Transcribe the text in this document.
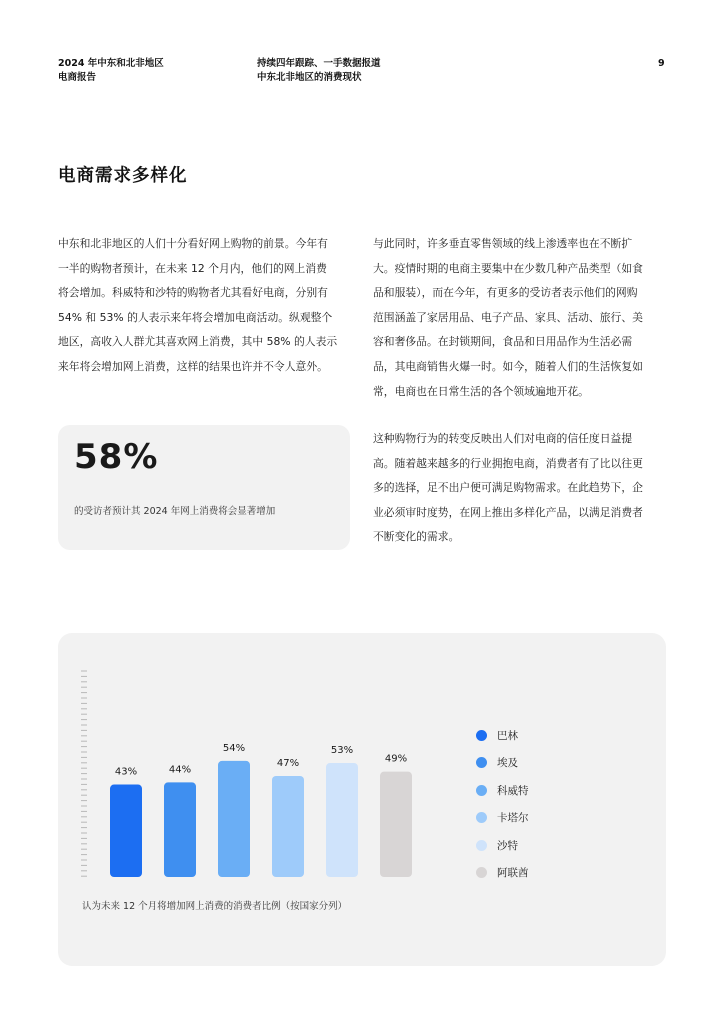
2024 年中东和北非地区
电商报告
持续四年跟踪、一手数据报道
中东北非地区的消费现状
9
电商需求多样化
中东和北非地区的人们十分看好网上购物的前景。今年有
一半的购物者预计，在未来 12 个月内，他们的网上消费
将会增加。科威特和沙特的购物者尤其看好电商，分别有
54% 和 53% 的人表示来年将会增加电商活动。纵观整个
地区，高收入人群尤其喜欢网上消费，其中 58% 的人表示
来年将会增加网上消费，这样的结果也许并不令人意外。
与此同时，许多垂直零售领域的线上渗透率也在不断扩
大。疫情时期的电商主要集中在少数几种产品类型（如食
品和服装），而在今年，有更多的受访者表示他们的网购
范围涵盖了家居用品、电子产品、家具、活动、旅行、美
容和奢侈品。在封锁期间，食品和日用品作为生活必需
品，其电商销售火爆一时。如今，随着人们的生活恢复如
常，电商也在日常生活的各个领域遍地开花。
这种购物行为的转变反映出人们对电商的信任度日益提
高。随着越来越多的行业拥抱电商，消费者有了比以往更
多的选择，足不出户便可满足购物需求。在此趋势下，企
业必须审时度势，在网上推出多样化产品，以满足消费者
不断变化的需求。
58%
的受访者预计其 2024 年网上消费将会显著增加
43%	44%
54%
47%
53%
49%
巴林
埃及
科威特
卡塔尔
沙特
阿联酋
认为未来 12 个月将增加网上消费的消费者比例（按国家分列）
